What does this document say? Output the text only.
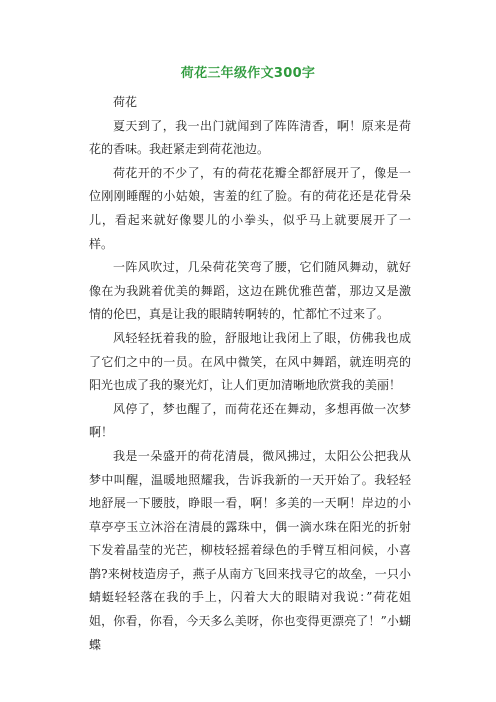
荷花三年级作文300字

荷花

夏天到了，我一出门就闻到了阵阵清香，啊！原来是荷花的香味。我赶紧走到荷花池边。

荷花开的不少了，有的荷花花瓣全都舒展开了，像是一位刚刚睡醒的小姑娘，害羞的红了脸。有的荷花还是花骨朵儿，看起来就好像婴儿的小拳头，似乎马上就要展开了一样。

一阵风吹过，几朵荷花笑弯了腰，它们随风舞动，就好像在为我跳着优美的舞蹈，这边在跳优雅芭蕾，那边又是激情的伦巴，真是让我的眼睛转啊转的，忙都忙不过来了。

风轻轻抚着我的脸，舒服地让我闭上了眼，仿佛我也成了它们之中的一员。在风中微笑，在风中舞蹈，就连明亮的阳光也成了我的聚光灯，让人们更加清晰地欣赏我的美丽！

风停了，梦也醒了，而荷花还在舞动，多想再做一次梦啊！

我是一朵盛开的荷花清晨，微风拂过，太阳公公把我从梦中叫醒，温暖地照耀我，告诉我新的一天开始了。我轻轻地舒展一下腰肢，睁眼一看，啊！多美的一天啊！岸边的小草亭亭玉立沐浴在清晨的露珠中，偶一滴水珠在阳光的折射下发着晶莹的光芒，柳枝轻摇着绿色的手臂互相问候，小喜鹊?来树枝造房子，燕子从南方飞回来找寻它的故垒，一只小蜻蜓轻轻落在我的手上，闪着大大的眼睛对我说：”荷花姐姐，你看，你看，今天多么美呀，你也变得更漂亮了！”小蝴蝶
